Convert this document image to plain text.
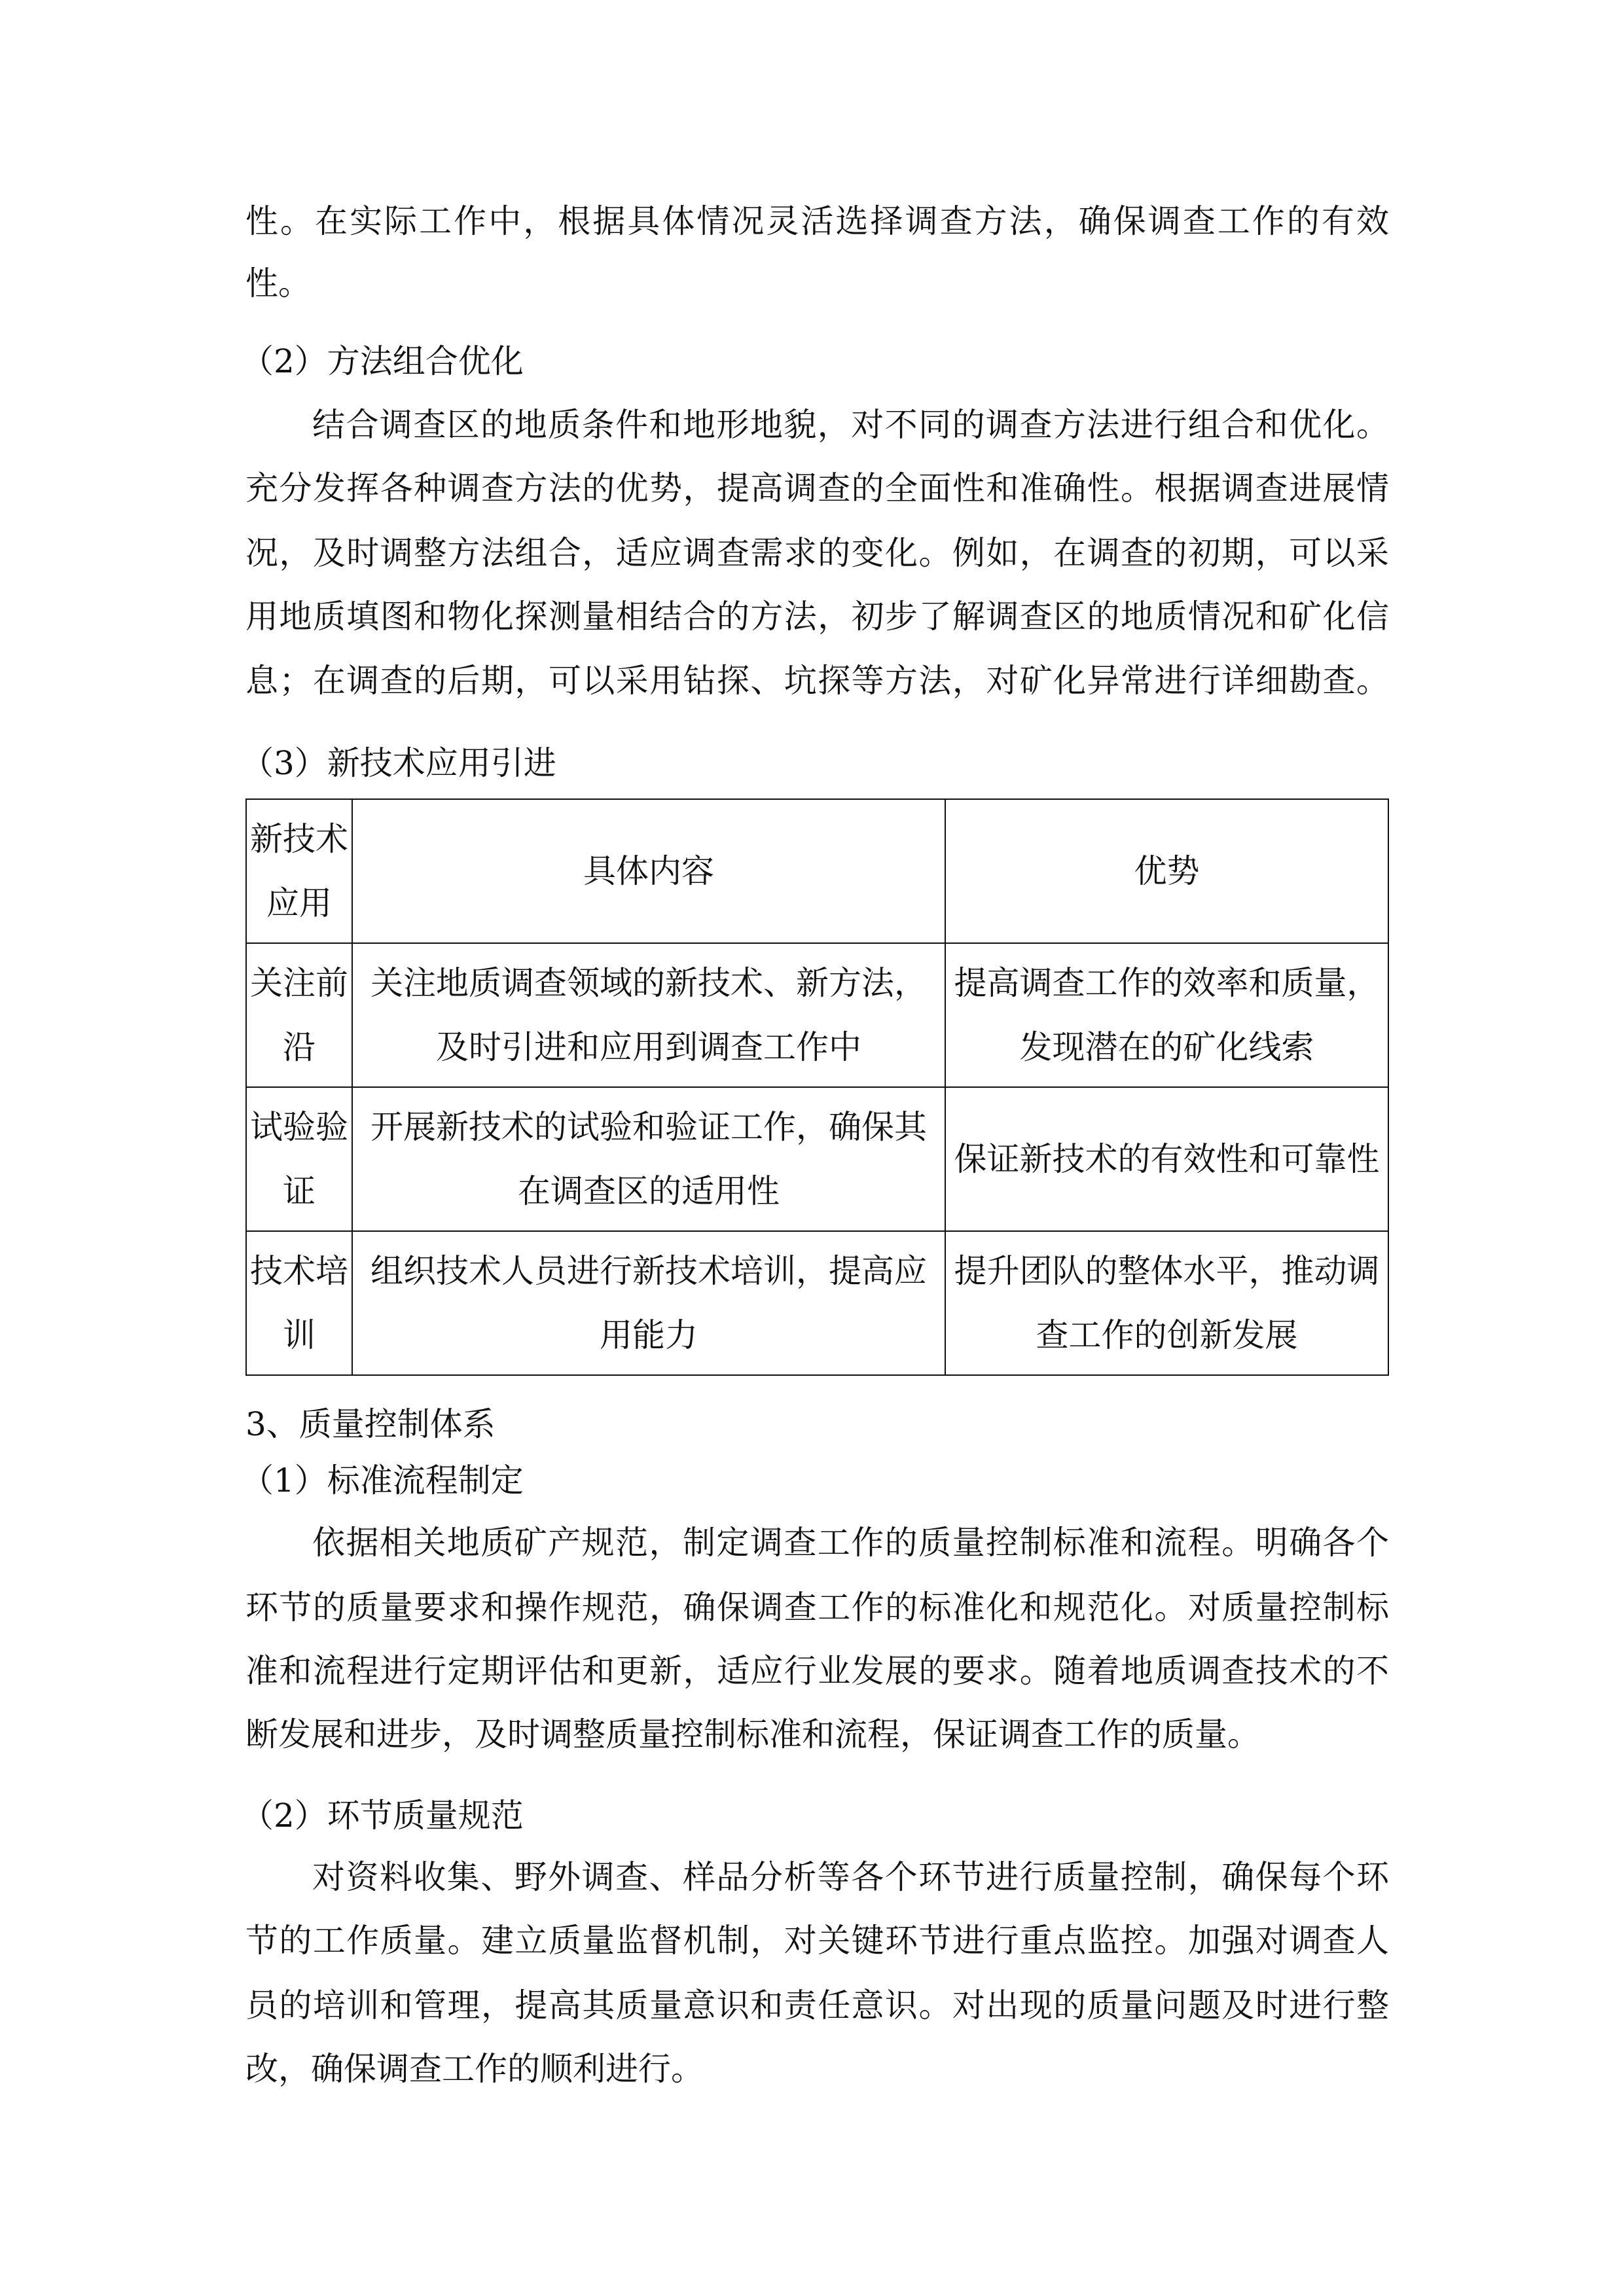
性。在实际工作中，根据具体情况灵活选择调查方法，确保调查工作的有效
性。
（2）方法组合优化
结合调查区的地质条件和地形地貌，对不同的调查方法进行组合和优化。
充分发挥各种调查方法的优势，提高调查的全面性和准确性。根据调查进展情
况，及时调整方法组合，适应调查需求的变化。例如，在调查的初期，可以采
用地质填图和物化探测量相结合的方法，初步了解调查区的地质情况和矿化信
息；在调查的后期，可以采用钻探、坑探等方法，对矿化异常进行详细勘查。
（3）新技术应用引进
新技术
应用	具体内容	优势

关注前
沿	关注地质调查领域的新技术、新方法，
及时引进和应用到调查工作中	提高调查工作的效率和质量，
发现潜在的矿化线索

试验验
证	开展新技术的试验和验证工作，确保其
在调查区的适用性	保证新技术的有效性和可靠性

技术培
训	组织技术人员进行新技术培训，提高应
用能力	提升团队的整体水平，推动调
查工作的创新发展
3、质量控制体系
（1）标准流程制定
依据相关地质矿产规范，制定调查工作的质量控制标准和流程。明确各个
环节的质量要求和操作规范，确保调查工作的标准化和规范化。对质量控制标
准和流程进行定期评估和更新，适应行业发展的要求。随着地质调查技术的不
断发展和进步，及时调整质量控制标准和流程，保证调查工作的质量。
（2）环节质量规范
对资料收集、野外调查、样品分析等各个环节进行质量控制，确保每个环
节的工作质量。建立质量监督机制，对关键环节进行重点监控。加强对调查人
员的培训和管理，提高其质量意识和责任意识。对出现的质量问题及时进行整
改，确保调查工作的顺利进行。
